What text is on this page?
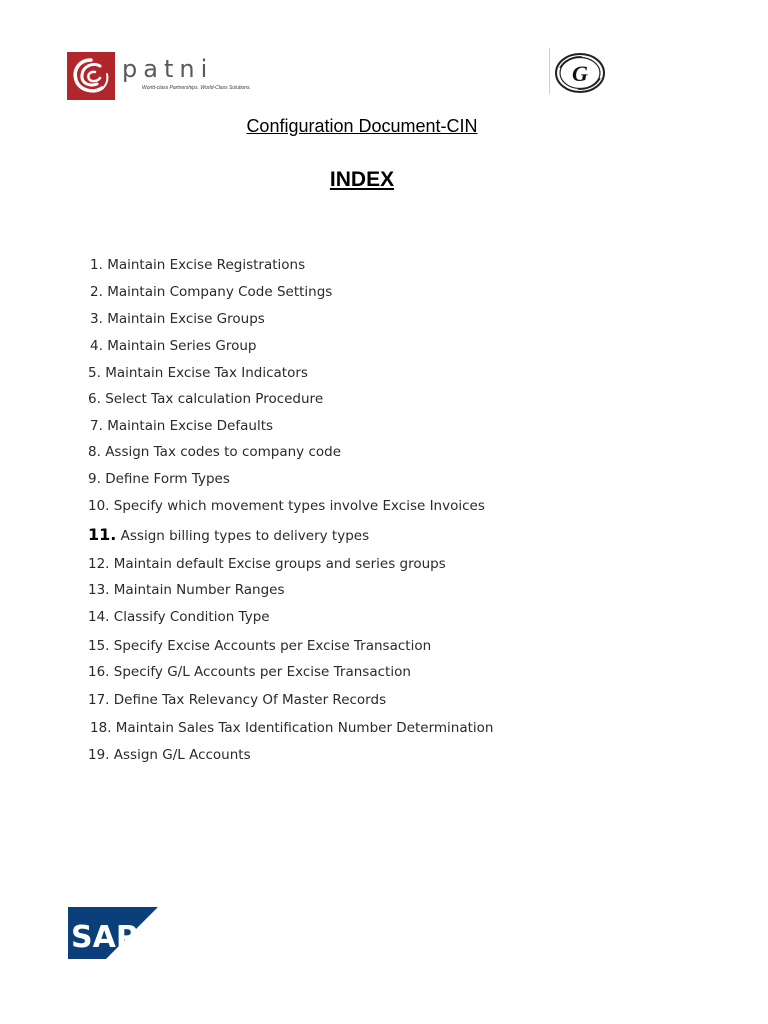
patni
World-class Partnerships. World-Class Solutions.
G
Configuration Document-CIN
INDEX
1. Maintain Excise Registrations
2. Maintain Company Code Settings
3. Maintain Excise Groups
4. Maintain Series Group
5. Maintain Excise Tax Indicators
6. Select Tax calculation Procedure
7. Maintain Excise Defaults
8. Assign Tax codes to company code
9. Define Form Types
10. Specify which movement types involve Excise Invoices
11. Assign billing types to delivery types
12. Maintain default Excise groups and series groups
13. Maintain Number Ranges
14. Classify Condition Type
15. Specify Excise Accounts per Excise Transaction
16. Specify G/L Accounts per Excise Transaction
17. Define Tax Relevancy Of Master Records
18. Maintain Sales Tax Identification Number Determination
19. Assign G/L Accounts
SAP
